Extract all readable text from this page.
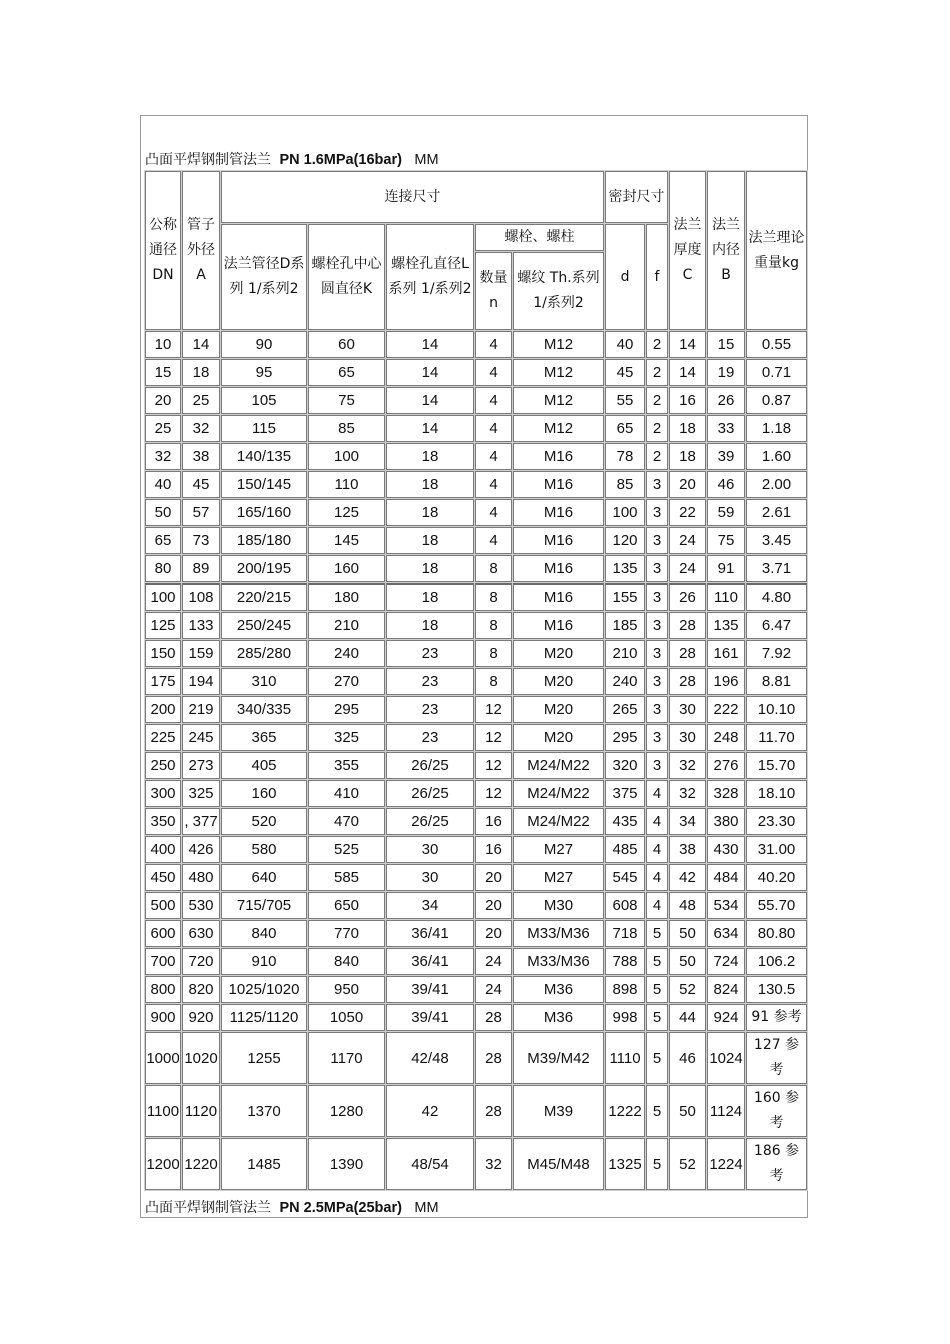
凸面平焊钢制管法兰 PN 1.6MPa(16bar) MM
公称通径DN	管子外径A	连接尺寸					密封尺寸		法兰厚度C	法兰内径B	法兰理论重量kg
		法兰管径D系列 1/系列2	螺栓孔中心圆直径K	螺栓孔直径L系列 1/系列2	螺栓、螺柱		d	f			
					数量n	螺纹 Th.系列 1/系列2					
10	14	90	60	14	4	M12	40	2	14	15	0.55
15	18	95	65	14	4	M12	45	2	14	19	0.71
20	25	105	75	14	4	M12	55	2	16	26	0.87
25	32	115	85	14	4	M12	65	2	18	33	1.18
32	38	140/135	100	18	4	M16	78	2	18	39	1.60
40	45	150/145	110	18	4	M16	85	3	20	46	2.00
50	57	165/160	125	18	4	M16	100	3	22	59	2.61
65	73	185/180	145	18	4	M16	120	3	24	75	3.45
80	89	200/195	160	18	8	M16	135	3	24	91	3.71
100	108	220/215	180	18	8	M16	155	3	26	110	4.80
125	133	250/245	210	18	8	M16	185	3	28	135	6.47
150	159	285/280	240	23	8	M20	210	3	28	161	7.92
175	194	310	270	23	8	M20	240	3	28	196	8.81
200	219	340/335	295	23	12	M20	265	3	30	222	10.10
225	245	365	325	23	12	M20	295	3	30	248	11.70
250	273	405	355	26/25	12	M24/M22	320	3	32	276	15.70
300	325	160	410	26/25	12	M24/M22	375	4	32	328	18.10
350	, 377	520	470	26/25	16	M24/M22	435	4	34	380	23.30
400	426	580	525	30	16	M27	485	4	38	430	31.00
450	480	640	585	30	20	M27	545	4	42	484	40.20
500	530	715/705	650	34	20	M30	608	4	48	534	55.70
600	630	840	770	36/41	20	M33/M36	718	5	50	634	80.80
700	720	910	840	36/41	24	M33/M36	788	5	50	724	106.2
800	820	1025/1020	950	39/41	24	M36	898	5	52	824	130.5
900	920	1125/1120	1050	39/41	28	M36	998	5	44	924	91 参考
1000	1020	1255	1170	42/48	28	M39/M42	1110	5	46	1024	127 参考
1100	1120	1370	1280	42	28	M39	1222	5	50	1124	160 参考
1200	1220	1485	1390	48/54	32	M45/M48	1325	5	52	1224	186 参考
凸面平焊钢制管法兰 PN 2.5MPa(25bar) MM
